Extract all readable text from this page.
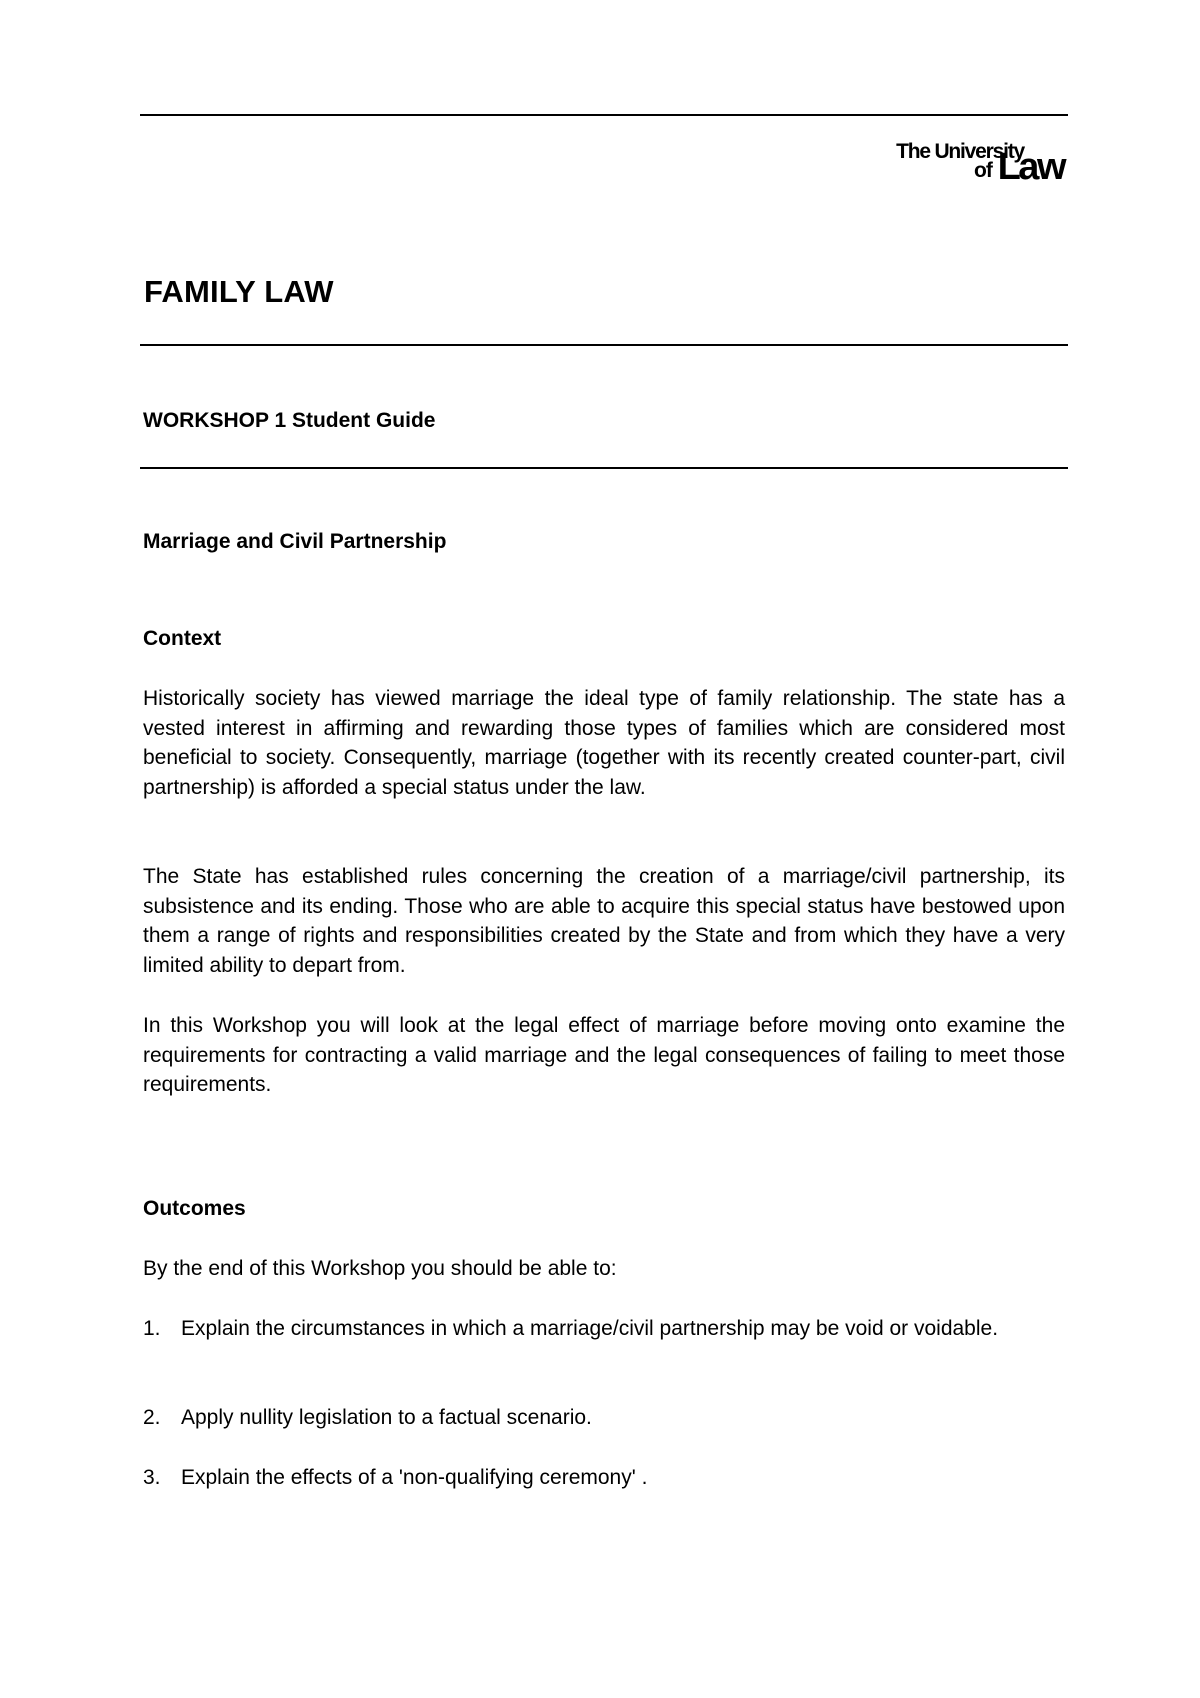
The University
of Law
FAMILY LAW
WORKSHOP 1 Student Guide
Marriage and Civil Partnership
Context

Historically society has viewed marriage the ideal type of family relationship. The state has a vested interest in affirming and rewarding those types of families which are considered most beneficial to society. Consequently, marriage (together with its recently created counter-part, civil partnership) is afforded a special status under the law.

The State has established rules concerning the creation of a marriage/civil partnership, its subsistence and its ending. Those who are able to acquire this special status have bestowed upon them a range of rights and responsibilities created by the State and from which they have a very limited ability to depart from.

In this Workshop you will look at the legal effect of marriage before moving onto examine the requirements for contracting a valid marriage and the legal consequences of failing to meet those requirements.

Outcomes

By the end of this Workshop you should be able to:

1. Explain the circumstances in which a marriage/civil partnership may be void or voidable.
2. Apply nullity legislation to a factual scenario.
3. Explain the effects of a 'non-qualifying ceremony' .
